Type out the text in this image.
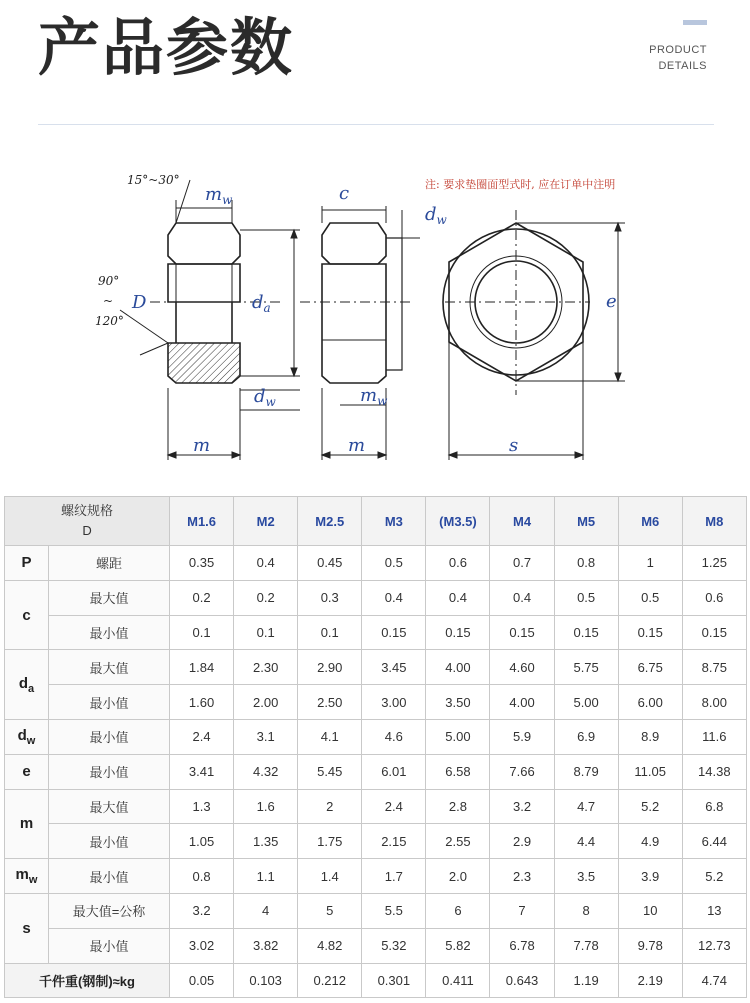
产品参数	PRODUCT
DETAILS
注: 要求垫圈面型式时, 应在订单中注明
15°~30°
90°
~
120°
D
$m_w$
$d_a$
$d_w$
m
c
$d_w$
$m_w$
m
e
s
螺纹规格
D		M1.6	M2	M2.5	M3	(M3.5)	M4	M5	M6	M8
P	螺距	0.35	0.4	0.45	0.5	0.6	0.7	0.8	1	1.25
c	最大值	0.2	0.2	0.3	0.4	0.4	0.4	0.5	0.5	0.6
	最小值	0.1	0.1	0.1	0.15	0.15	0.15	0.15	0.15	0.15
$d_a$	最大值	1.84	2.30	2.90	3.45	4.00	4.60	5.75	6.75	8.75
	最小值	1.60	2.00	2.50	3.00	3.50	4.00	5.00	6.00	8.00
$d_w$	最小值	2.4	3.1	4.1	4.6	5.00	5.9	6.9	8.9	11.6
e	最小值	3.41	4.32	5.45	6.01	6.58	7.66	8.79	11.05	14.38
m	最大值	1.3	1.6	2	2.4	2.8	3.2	4.7	5.2	6.8
	最小值	1.05	1.35	1.75	2.15	2.55	2.9	4.4	4.9	6.44
$m_w$	最小值	0.8	1.1	1.4	1.7	2.0	2.3	3.5	3.9	5.2
s	最大值=公称	3.2	4	5	5.5	6	7	8	10	13
	最小值	3.02	3.82	4.82	5.32	5.82	6.78	7.78	9.78	12.73
千件重(钢制)≈kg		0.05	0.103	0.212	0.301	0.411	0.643	1.19	2.19	4.74
